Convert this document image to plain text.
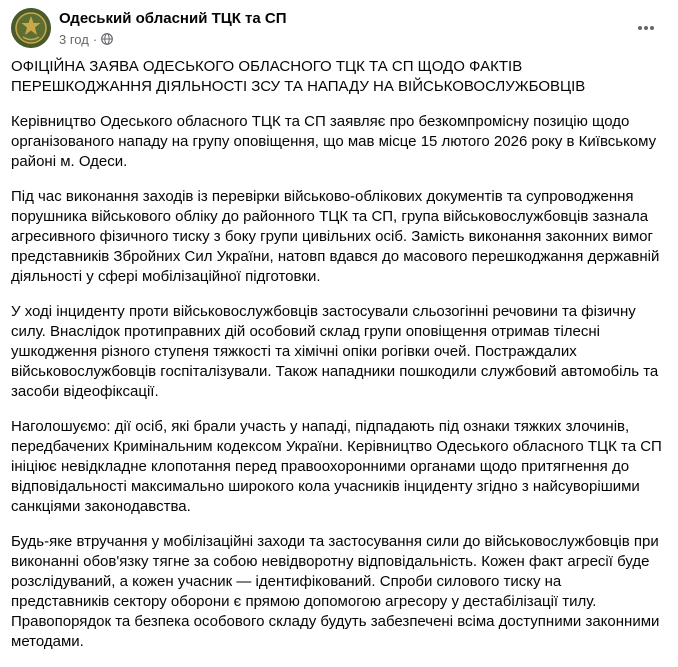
Одеський обласний ТЦК та СП
3 год ·

ОФІЦІЙНА ЗАЯВА ОДЕСЬКОГО ОБЛАСНОГО ТЦК ТА СП ЩОДО ФАКТІВ ПЕРЕШКОДЖАННЯ ДІЯЛЬНОСТІ ЗСУ ТА НАПАДУ НА ВІЙСЬКОВОСЛУЖБОВЦІВ

Керівництво Одеського обласного ТЦК та СП заявляє про безкомпромісну позицію щодо організованого нападу на групу оповіщення, що мав місце 15 лютого 2026 року в Київському районі м. Одеси.

Під час виконання заходів із перевірки військово-облікових документів та супроводження порушника військового обліку до районного ТЦК та СП, група військовослужбовців зазнала агресивного фізичного тиску з боку групи цивільних осіб. Замість виконання законних вимог представників Збройних Сил України, натовп вдався до масового перешкоджання державній діяльності у сфері мобілізаційної підготовки.

У ході інциденту проти військовослужбовців застосували сльозогінні речовини та фізичну силу. Внаслідок протиправних дій особовий склад групи оповіщення отримав тілесні ушкодження різного ступеня тяжкості та хімічні опіки рогівки очей. Постраждалих військовослужбовців госпіталізували. Також нападники пошкодили службовий автомобіль та засоби відеофіксації.

Наголошуємо: дії осіб, які брали участь у нападі, підпадають під ознаки тяжких злочинів, передбачених Кримінальним кодексом України. Керівництво Одеського обласного ТЦК та СП ініціює невідкладне клопотання перед правоохоронними органами щодо притягнення до відповідальності максимально широкого кола учасників інциденту згідно з найсуворішими санкціями законодавства.

Будь-яке втручання у мобілізаційні заходи та застосування сили до військовослужбовців при виконанні обов'язку тягне за собою невідворотну відповідальність. Кожен факт агресії буде розслідуваний, а кожен учасник — ідентифікований. Спроби силового тиску на представників сектору оборони є прямою допомогою агресору у дестабілізації тилу. Правопорядок та безпека особового складу будуть забезпечені всіма доступними законними методами.
